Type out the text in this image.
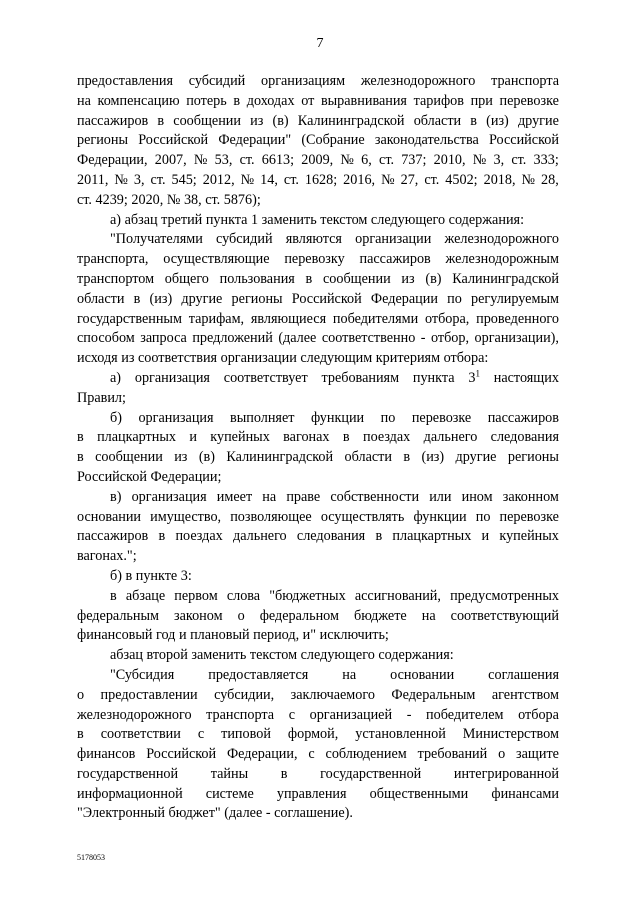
7
предоставления субсидий организациям железнодорожного транспорта
на компенсацию потерь в доходах от выравнивания тарифов при перевозке
пассажиров в сообщении из (в) Калининградской области в (из) другие
регионы Российской Федерации" (Собрание законодательства Российской
Федерации, 2007, № 53, ст. 6613; 2009, № 6, ст. 737; 2010, № 3, ст. 333;
2011, № 3, ст. 545; 2012, № 14, ст. 1628; 2016, № 27, ст. 4502; 2018, № 28,
ст. 4239; 2020, № 38, ст. 5876);
а) абзац третий пункта 1 заменить текстом следующего содержания:
"Получателями субсидий являются организации железнодорожного
транспорта, осуществляющие перевозку пассажиров железнодорожным
транспортом общего пользования в сообщении из (в) Калининградской
области в (из) другие регионы Российской Федерации по регулируемым
государственным тарифам, являющиеся победителями отбора, проведенного
способом запроса предложений (далее соответственно - отбор, организации),
исходя из соответствия организации следующим критериям отбора:
а) организация соответствует требованиям пункта $3^1$ настоящих
Правил;
б) организация выполняет функции по перевозке пассажиров
в плацкартных и купейных вагонах в поездах дальнего следования
в сообщении из (в) Калининградской области в (из) другие регионы
Российской Федерации;
в) организация имеет на праве собственности или ином законном
основании имущество, позволяющее осуществлять функции по перевозке
пассажиров в поездах дальнего следования в плацкартных и купейных
вагонах.";
б) в пункте 3:
в абзаце первом слова "бюджетных ассигнований, предусмотренных
федеральным законом о федеральном бюджете на соответствующий
финансовый год и плановый период, и" исключить;
абзац второй заменить текстом следующего содержания:
"Субсидия предоставляется на основании соглашения
о предоставлении субсидии, заключаемого Федеральным агентством
железнодорожного транспорта с организацией - победителем отбора
в соответствии с типовой формой, установленной Министерством
финансов Российской Федерации, с соблюдением требований о защите
государственной тайны в государственной интегрированной
информационной системе управления общественными финансами
"Электронный бюджет" (далее - соглашение).
5178053
